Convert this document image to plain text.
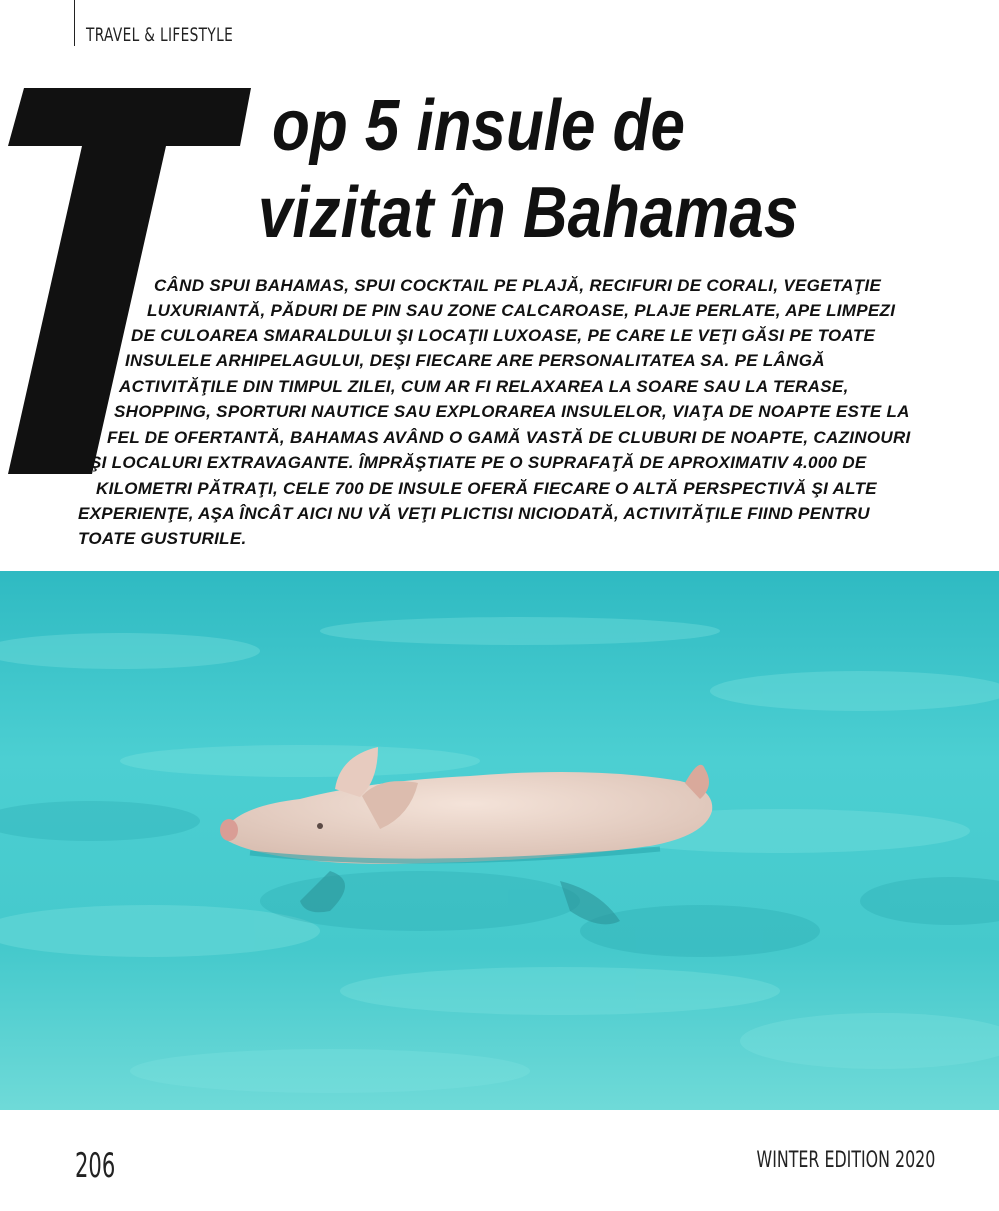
TRAVEL & LIFESTYLE
op 5 insule de
vizitat în Bahamas
CÂND SPUI BAHAMAS, SPUI COCKTAIL PE PLAJĂ, RECIFURI DE CORALI, VEGETAŢIE
LUXURIANTĂ, PĂDURI DE PIN SAU ZONE CALCAROASE, PLAJE PERLATE, APE LIMPEZI
DE CULOAREA SMARALDULUI ŞI LOCAŢII LUXOASE, PE CARE LE VEŢI GĂSI PE TOATE
INSULELE ARHIPELAGULUI, DEŞI FIECARE ARE PERSONALITATEA SA. PE LÂNGĂ
ACTIVITĂŢILE DIN TIMPUL ZILEI, CUM AR FI RELAXAREA LA SOARE SAU LA TERASE,
SHOPPING, SPORTURI NAUTICE SAU EXPLORAREA INSULELOR, VIAŢA DE NOAPTE ESTE LA
FEL DE OFERTANTĂ, BAHAMAS AVÂND O GAMĂ VASTĂ DE CLUBURI DE NOAPTE, CAZINOURI
ŞI LOCALURI EXTRAVAGANTE. ÎMPRĂŞTIATE PE O SUPRAFAŢĂ DE APROXIMATIV 4.000 DE
KILOMETRI PĂTRAŢI, CELE 700 DE INSULE OFERĂ FIECARE O ALTĂ PERSPECTIVĂ ŞI ALTE
EXPERIENŢE, AŞA ÎNCÂT AICI NU VĂ VEŢI PLICTISI NICIODATĂ, ACTIVITĂŢILE FIIND PENTRU
TOATE GUSTURILE.
206	WINTER EDITION 2020
